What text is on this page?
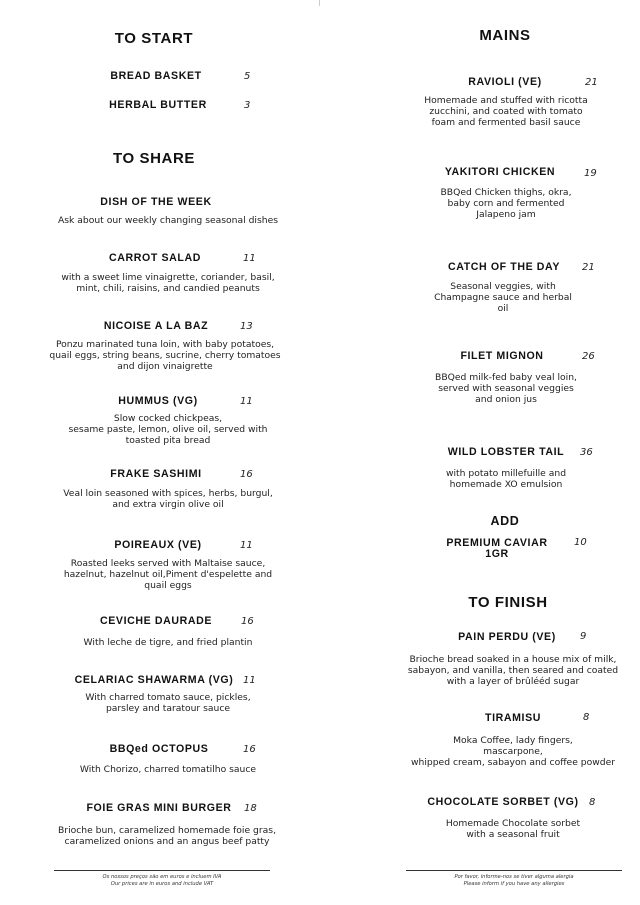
TO START
BREAD BASKET	5
HERBAL BUTTER	3
TO SHARE
DISH OF THE WEEK
Ask about our weekly changing seasonal dishes
CARROT SALAD	11
with a sweet lime vinaigrette, coriander, basil,
mint, chili, raisins, and candied peanuts
NICOISE A LA BAZ	13
Ponzu marinated tuna loin, with baby potatoes,
quail eggs, string beans, sucrine, cherry tomatoes
and dijon vinaigrette
HUMMUS (VG)	11
Slow cocked chickpeas,
sesame paste, lemon, olive oil, served with
toasted pita bread
FRAKE SASHIMI	16
Veal loin seasoned with spices, herbs, burgul,
and extra virgin olive oil
POIREAUX (VE)	11
Roasted leeks served with Maltaise sauce,
hazelnut, hazelnut oil,Piment d'espelette and
quail eggs
CEVICHE DAURADE	16
With leche de tigre, and fried plantin
CELARIAC SHAWARMA (VG) 11
With charred tomato sauce, pickles,
parsley and taratour sauce
BBQed OCTOPUS	16
With Chorizo, charred tomatilho sauce
FOIE GRAS MINI BURGER	18
Brioche bun, caramelized homemade foie gras,
caramelized onions and an angus beef patty
Os nossos preços são em euros e incluem IVA
Our prices are in euros and include VAT
MAINS
RAVIOLI (VE)	21
Homemade and stuffed with ricotta
zucchini, and coated with tomato
foam and fermented basil sauce
YAKITORI CHICKEN	19
BBQed Chicken thighs, okra,
baby corn and fermented
Jalapeno jam
CATCH OF THE DAY	21
Seasonal veggies, with
Champagne sauce and herbal
oil
FILET MIGNON	26
BBQed milk-fed baby veal loin,
served with seasonal veggies
and onion jus
WILD LOBSTER TAIL	36
with potato millefuille and
homemade XO emulsion
ADD
PREMIUM CAVIAR
1GR
10
TO FINISH
PAIN PERDU (VE)	9
Brioche bread soaked in a house mix of milk,
sabayon, and vanilla, then seared and coated
with a layer of brûlééd sugar
TIRAMISU	8
Moka Coffee, lady fingers,
mascarpone,
whipped cream, sabayon and coffee powder
CHOCOLATE SORBET (VG)	8
Homemade Chocolate sorbet
with a seasonal fruit
Por favor, informe-nos se tiver alguma alergia
Please inform if you have any allergies
